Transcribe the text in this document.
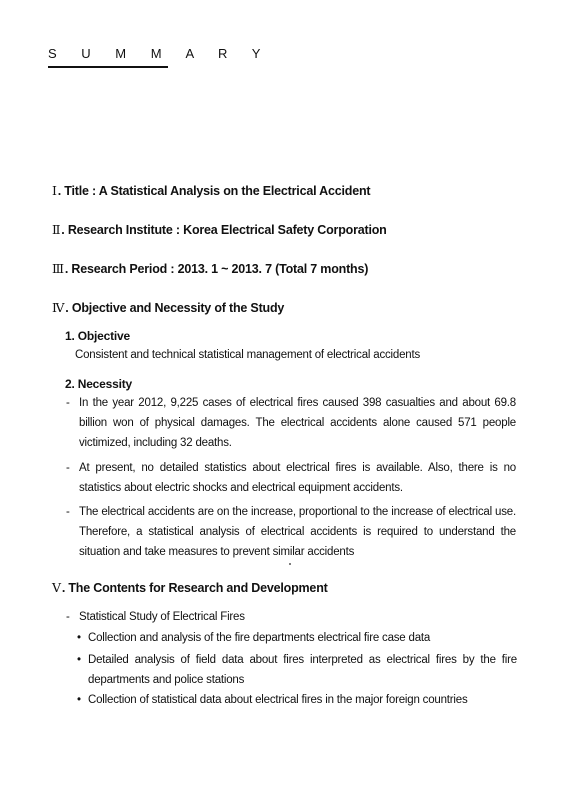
S U M M A R Y
Ⅰ. Title : A Statistical Analysis on the Electrical Accident
Ⅱ. Research Institute : Korea Electrical Safety Corporation
Ⅲ. Research Period : 2013. 1 ~ 2013. 7 (Total 7 months)
Ⅳ. Objective and Necessity of the Study
1. Objective
Consistent and technical statistical management of electrical accidents
2. Necessity
- In the year 2012, 9,225 cases of electrical fires caused 398 casualties and about 69.8 billion won of physical damages. The electrical accidents alone caused 571 people victimized, including 32 deaths.
- At present, no detailed statistics about electrical fires is available. Also, there is no statistics about electric shocks and electrical equipment accidents.
- The electrical accidents are on the increase, proportional to the increase of electrical use. Therefore, a statistical analysis of electrical accidents is required to understand the situation and take measures to prevent similar accidents
Ⅴ. The Contents for Research and Development
- Statistical Study of Electrical Fires
• Collection and analysis of the fire departments electrical fire case data
• Detailed analysis of field data about fires interpreted as electrical fires by the fire departments and police stations
• Collection of statistical data about electrical fires in the major foreign countries
